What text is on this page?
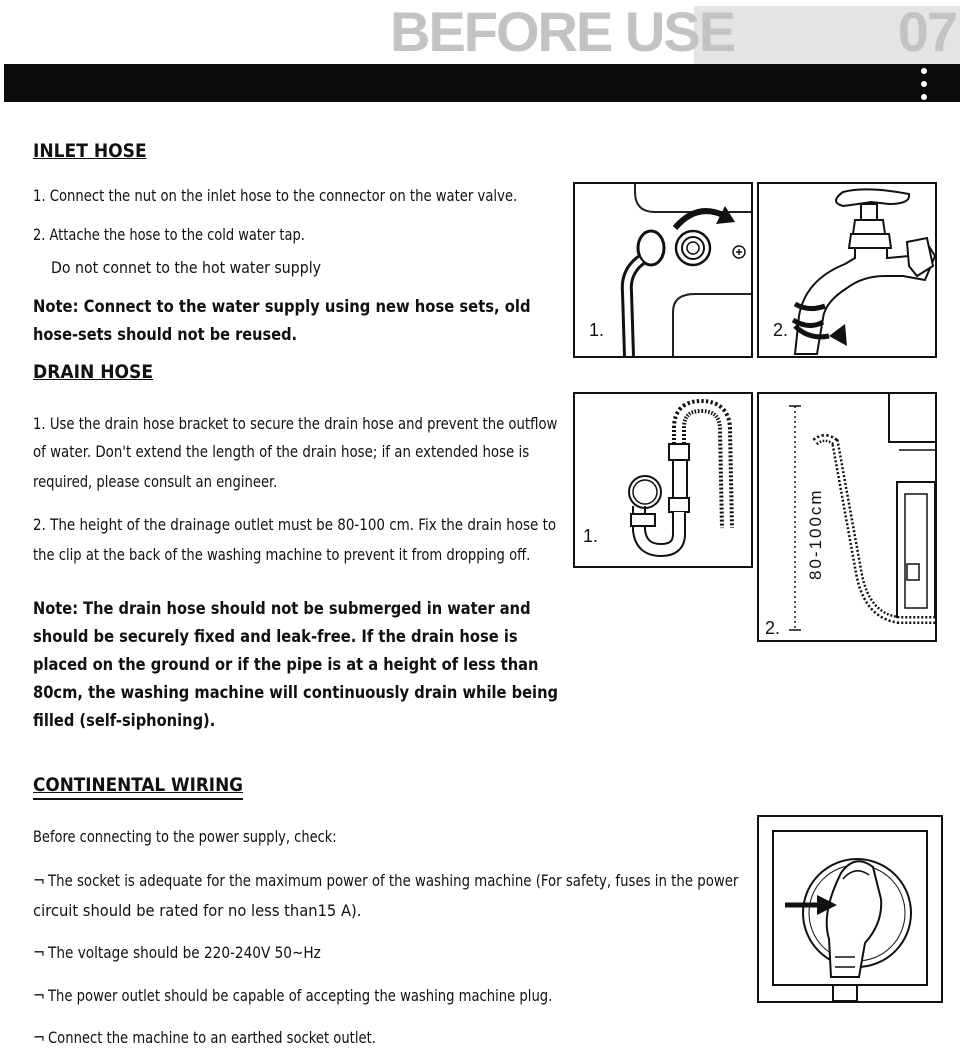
BEFORE USE	07
INLET HOSE
1. Connect the nut on the inlet hose to the connector on the water valve.
2. Attache the hose to the cold water tap.
Do not connet to the hot water supply
Note: Connect to the water supply using new hose sets, old
hose-sets should not be reused.
DRAIN HOSE
1. Use the drain hose bracket to secure the drain hose and prevent the outflow
of water. Don't extend the length of the drain hose; if an extended hose is
required, please consult an engineer.
2. The height of the drainage outlet must be 80-100 cm. Fix the drain hose to
the clip at the back of the washing machine to prevent it from dropping off.
Note: The drain hose should not be submerged in water and
should be securely fixed and leak-free. If the drain hose is
placed on the ground or if the pipe is at a height of less than
80cm, the washing machine will continuously drain while being
filled (self-siphoning).
CONTINENTAL WIRING
Before connecting to the power supply, check:
¬ The socket is adequate for the maximum power of the washing machine (For safety, fuses in the power
circuit should be rated for no less than15 A).
¬ The voltage should be 220-240V 50~Hz
¬ The power outlet should be capable of accepting the washing machine plug.
¬ Connect the machine to an earthed socket outlet.
1.	2.
1.	80-100cm
2.
